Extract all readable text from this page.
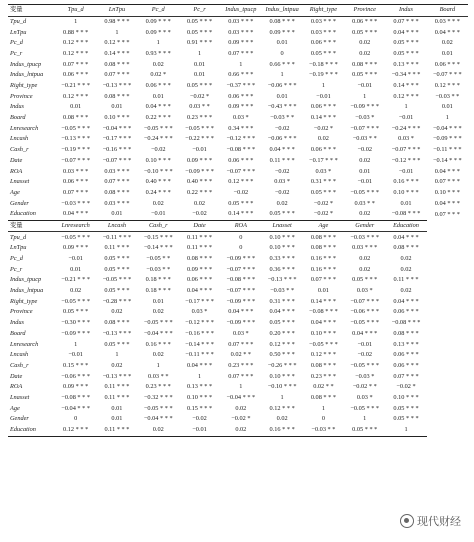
变量	Tpu_d	LnTpu	Pc_d	Pc_r	Indus_tpucp	Indus_lntpua	Right_type	Province	Indus	Board
Tpu_d	1	0.98 * * *	0.09 * * *	0.05 * * *	0.03 * * *	0.08 * * *	0.03 * * *	0.06 * * *	0.07 * * *	0.03 * * *
LnTpu	0.88 * * *	1	0.09 * * *	0.05 * * *	0.03 * * *	0.09 * * *	0.03 * * *	0.05 * * *	0.04 * * *	0.04 * * *
Pc_d	0.12 * * *	0.12 * * *	1	0.91 * * *	0.09 * * *	0.01	0.06 * * *	0.02	0.05 * * *	0.02
Pc_r	0.12 * * *	0.14 * * *	0.93 * * *	1	0.07 * * *	0	0.05 * * *	0.02	0.05 * * *	0.01
Indus_tpucp	0.07 * * *	0.08 * * *	0.02	0.01	1	0.66 * * *	−0.18 * * *	0.08 * * *	0.13 * * *	0.06 * * *
Indus_lntpua	0.06 * * *	0.07 * * *	0.02 *	0.01	0.66 * * *	1	−0.19 * * *	0.05 * * *	−0.34 * * *	−0.07 * * *
Right_type	−0.21 * * *	−0.13 * * *	0.06 * * *	0.05 * * *	−0.37 * * *	−0.06 * * *	1	−0.01	0.14 * * *	0.12 * * *
Province	0.12 * * *	0.08 * * *	0.01	−0.02 *	0.06 * * *	0.01	−0.01	1	0.12 * * *	−0.03 * *
Indus	0.01	0.01	0.04 * * *	0.03 * *	0.09 * * *	−0.43 * * *	0.06 * * *	−0.09 * * *	1	0.01
Board	0.08 * * *	0.10 * * *	0.22 * * *	0.23 * * *	0.03 *	−0.03 * *	0.14 * * *	−0.03 *	−0.01	1
Lnresearch	−0.05 * * *	−0.04 * * *	−0.05 * * *	−0.05 * * *	0.34 * * *	−0.02	−0.02 *	−0.07 * * *	−0.24 * * *	−0.04 * * *
Lncash	−0.13 * * *	−0.17 * * *	−0.24 * * *	−0.22 * * *	−0.12 * * *	−0.06 * * *	0.02	−0.03 * *	0.03 *	−0.09 * * *
Cash_r	−0.19 * * *	−0.16 * * *	−0.02	−0.01	−0.08 * * *	0.04 * * *	0.06 * * *	−0.02	−0.07 * * *	−0.11 * * *
Date	−0.07 * * *	−0.07 * * *	0.10 * * *	0.09 * * *	0.06 * * *	0.11 * * *	−0.17 * * *	0.02	−0.12 * * *	−0.14 * * *
ROA	0.03 * * *	0.03 * * *	−0.10 * * *	−0.09 * * *	−0.07 * * *	−0.02	0.03 *	0.01	−0.01	0.04 * * *
Lnasset	0.06 * * *	0.07 * * *	0.40 * * *	0.40 * * *	0.12 * * *	0.03 *	0.31 * * *	−0.01	0.16 * * *	0.07 * * *
Age	0.07 * * *	0.08 * * *	0.24 * * *	0.22 * * *	−0.02	−0.02	0.05 * * *	−0.05 * * *	0.10 * * *	0.10 * * *
Gender	−0.03 * * *	0.03 * * *	0.02	0.02	0.05 * * *	0.02	−0.02 *	0.03 * *	0.01	0.04 * * *
Education	0.04 * * *	0.01	−0.01	−0.02	0.14 * * *	0.05 * * *	−0.02 *	0.02	−0.08 * * *	0.07 * * *
变量	Lnresearch	Lncash	Cash_r	Date	ROA	Lnasset	Age	Gender	Education	
Tpu_d	−0.05 * * *	−0.11 * * *	−0.15 * * *	0.11 * * *	0	0.10 * * *	0.08 * * *	−0.03 * * *	0.04 * * *	
LnTpu	0.09 * * *	0.11 * * *	−0.14 * * *	0.11 * * *	0	0.10 * * *	0.08 * * *	0.03 * * *	0.08 * * *	
Pc_d	−0.01	0.05 * * *	−0.05 * *	0.08 * * *	−0.09 * * *	0.33 * * *	0.16 * * *	0.02	0.02	
Pc_r	0.01	0.05 * * *	−0.03 * *	0.09 * * *	−0.07 * * *	0.36 * * *	0.16 * * *	0.02	0.02	
Indus_tpucp	−0.21 * * *	−0.05 * * *	0.18 * * *	0.06 * * *	−0.08 * * *	−0.13 * * *	0.07 * * *	0.05 * * *	0.11 * * *	
Indus_lntpua	0.02	0.05 * * *	0.18 * * *	0.04 * * *	−0.07 * * *	−0.03 * *	0.01	0.03 *	0.02	
Right_type	−0.05 * * *	−0.28 * * *	0.01	−0.17 * * *	−0.09 * * *	0.31 * * *	0.14 * * *	−0.07 * * *	0.04 * * *	
Province	0.05 * * *	0.02	0.02	0.03 *	0.04 * * *	0.04 * * *	−0.08 * * *	−0.06 * * *	0.06 * * *	
Indus	−0.30 * * *	0.08 * * *	−0.05 * * *	−0.12 * * *	−0.09 * * *	0.05 * * *	0.04 * * *	−0.05 * * *	−0.08 * * *	
Board	−0.09 * * *	−0.13 * * *	−0.04 * * *	−0.16 * * *	0.03 *	0.20 * * *	0.10 * * *	0.04 * * *	0.08 * * *	
Lnresearch	1	0.05 * * *	0.16 * * *	−0.14 * * *	0.07 * * *	0.12 * * *	−0.05 * * *	−0.01	0.13 * * *	
Lncash	−0.01	1	0.02	−0.11 * * *	0.02 * *	0.50 * * *	0.12 * * *	−0.02	0.06 * * *	
Cash_r	0.15 * * *	0.02	1	0.04 * * *	0.23 * * *	−0.26 * * *	0.08 * * *	−0.05 * * *	0.06 * * *	
Date	−0.06 * * *	−0.13 * * *	0.03 * *	1	0.07 * * *	0.10 * * *	0.23 * * *	−0.03 *	0.07 * * *	
ROA	0.09 * * *	0.11 * * *	0.23 * * *	0.13 * * *	1	−0.10 * * *	0.02 * *	−0.02 * *	−0.02 *	
Lnasset	−0.08 * * *	0.11 * * *	−0.32 * * *	0.10 * * *	−0.04 * * *	1	0.08 * * *	0.03 *	0.10 * * *	
Age	−0.04 * * *	0.01	−0.05 * * *	0.15 * * *	0.02	0.12 * * *	1	−0.05 * * *	0.05 * * *	
Gender	0	0.01	−0.04 * * *	−0.02	−0.02 *	0.02	0	1	0.05 * * *	
Education	0.12 * * *	0.11 * * *	0.02	−0.01	0.02	0.16 * * *	−0.03 * *	0.05 * * *	1	
现代财经
